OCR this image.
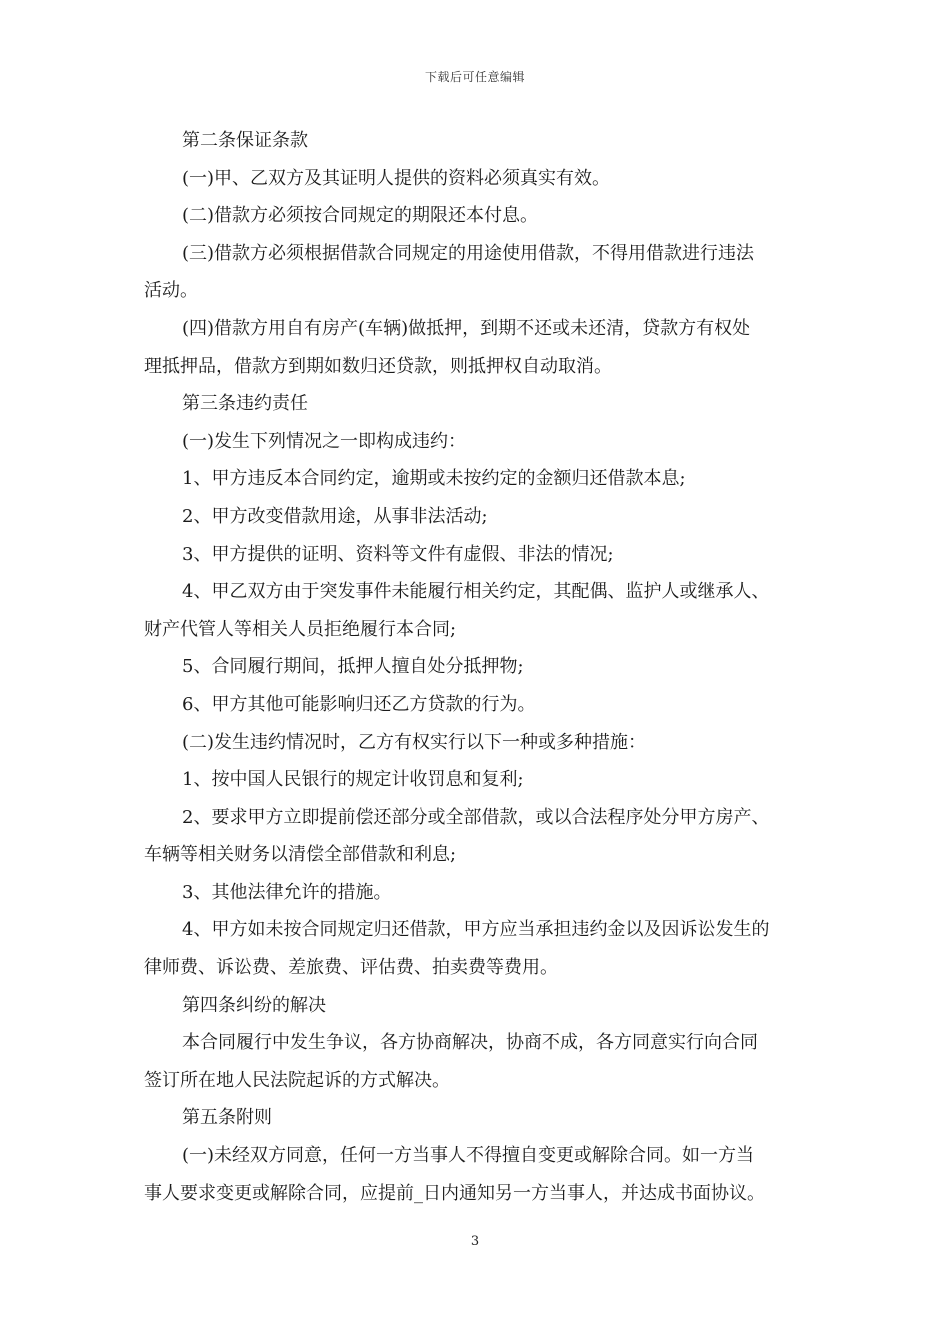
下载后可任意编辑
第二条保证条款
(一)甲、乙双方及其证明人提供的资料必须真实有效。
(二)借款方必须按合同规定的期限还本付息。
(三)借款方必须根据借款合同规定的用途使用借款，不得用借款进行违法
活动。
(四)借款方用自有房产(车辆)做抵押，到期不还或未还清，贷款方有权处
理抵押品，借款方到期如数归还贷款，则抵押权自动取消。
第三条违约责任
(一)发生下列情况之一即构成违约：
1、甲方违反本合同约定，逾期或未按约定的金额归还借款本息;
2、甲方改变借款用途，从事非法活动;
3、甲方提供的证明、资料等文件有虚假、非法的情况;
4、甲乙双方由于突发事件未能履行相关约定，其配偶、监护人或继承人、
财产代管人等相关人员拒绝履行本合同;
5、合同履行期间，抵押人擅自处分抵押物;
6、甲方其他可能影响归还乙方贷款的行为。
(二)发生违约情况时，乙方有权实行以下一种或多种措施：
1、按中国人民银行的规定计收罚息和复利;
2、要求甲方立即提前偿还部分或全部借款，或以合法程序处分甲方房产、
车辆等相关财务以清偿全部借款和利息;
3、其他法律允许的措施。
4、甲方如未按合同规定归还借款，甲方应当承担违约金以及因诉讼发生的
律师费、诉讼费、差旅费、评估费、拍卖费等费用。
第四条纠纷的解决
本合同履行中发生争议，各方协商解决，协商不成，各方同意实行向合同
签订所在地人民法院起诉的方式解决。
第五条附则
(一)未经双方同意，任何一方当事人不得擅自变更或解除合同。如一方当
事人要求变更或解除合同，应提前_日内通知另一方当事人，并达成书面协议。
3
